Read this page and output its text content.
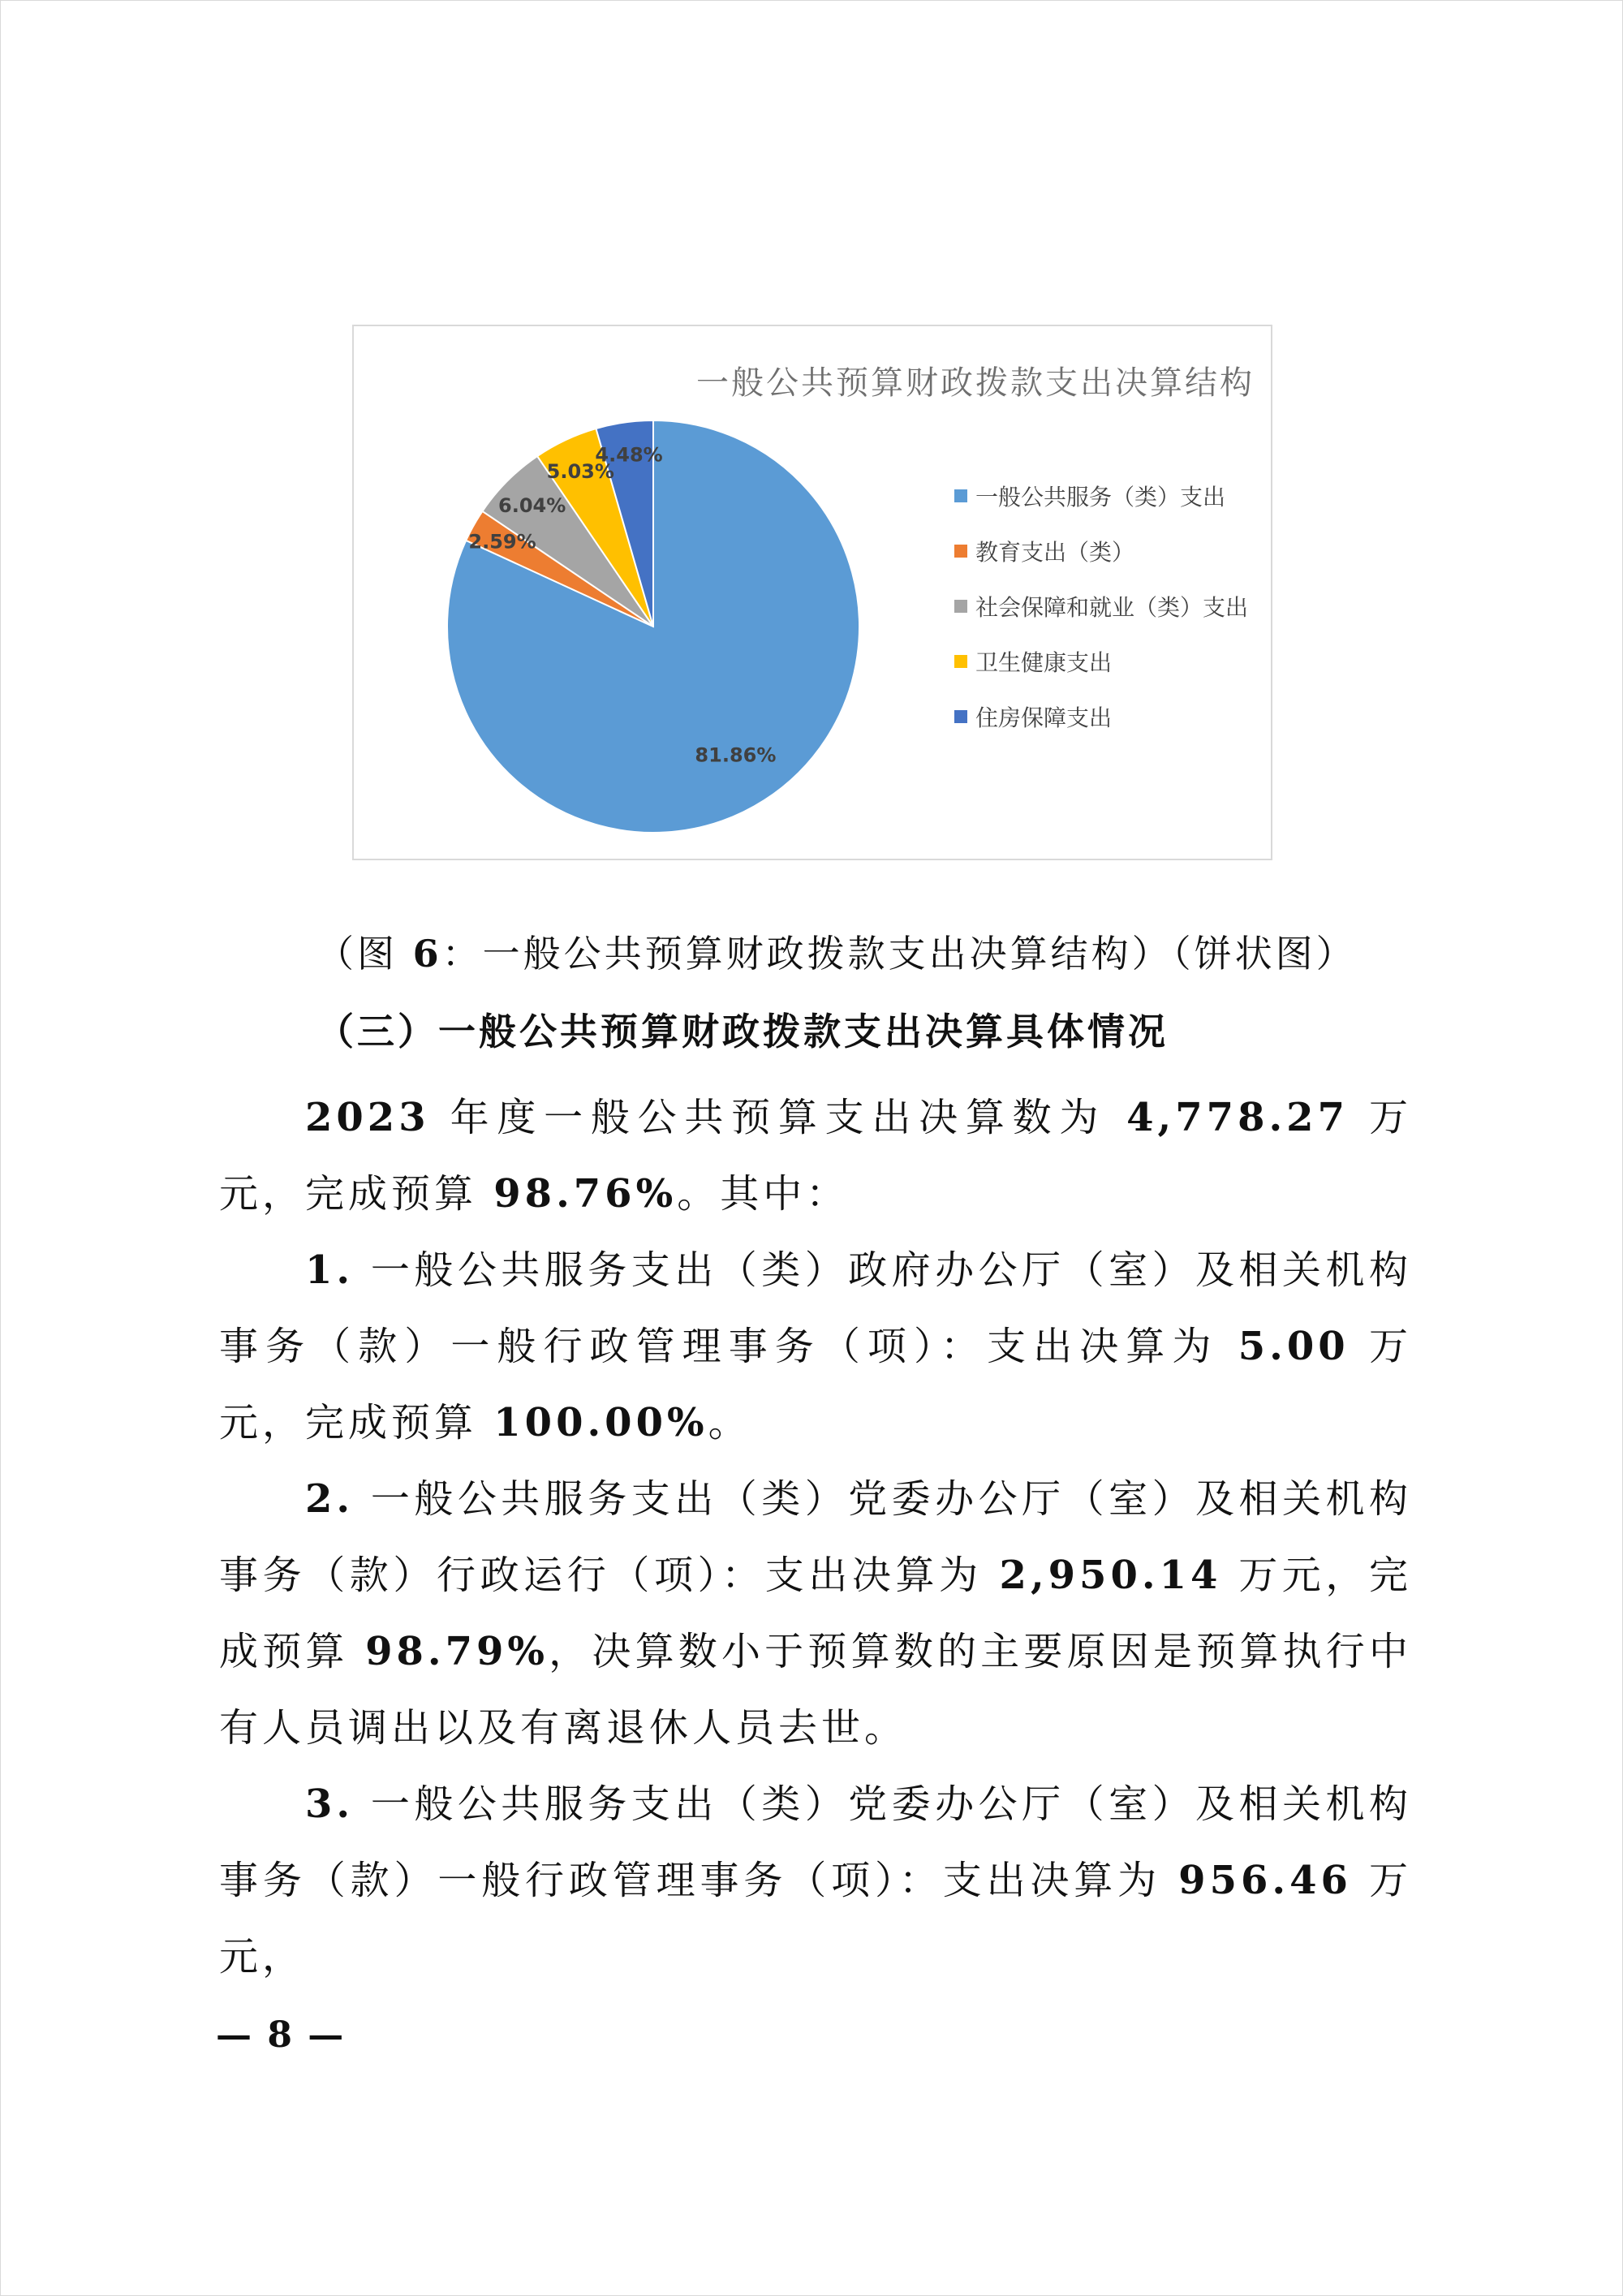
81.86%
2.59%
6.04%
5.03%
4.48%
一般公共预算财政拨款支出决算结构
一般公共服务（类）支出
教育支出（类）
社会保障和就业（类）支出
卫生健康支出
住房保障支出
（图 6：一般公共预算财政拨款支出决算结构）（饼状图）
（三）一般公共预算财政拨款支出决算具体情况

2023 年度一般公共预算支出决算数为 4,778.27 万元，完成预算 98.76%。其中：

1. 一般公共服务支出（类）政府办公厅（室）及相关机构事务（款）一般行政管理事务（项）：支出决算为 5.00 万元，完成预算 100.00%。

2. 一般公共服务支出（类）党委办公厅（室）及相关机构事务（款）行政运行（项）：支出决算为 2,950.14 万元，完成预算 98.79%，决算数小于预算数的主要原因是预算执行中有人员调出以及有离退休人员去世。

3. 一般公共服务支出（类）党委办公厅（室）及相关机构事务（款）一般行政管理事务（项）：支出决算为 956.46 万元，

— 8 —
